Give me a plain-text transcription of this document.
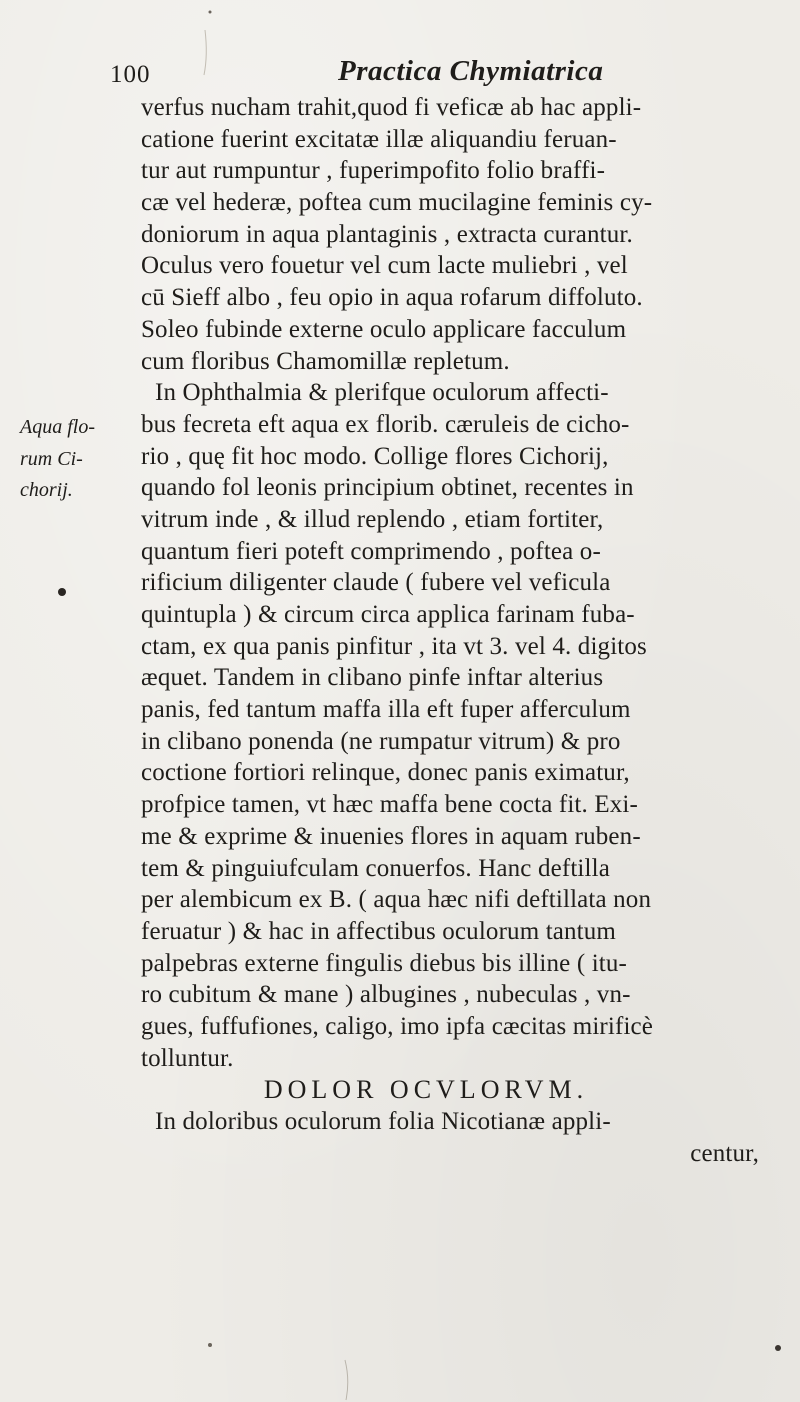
100	Practica Chymiatrica
Aqua flo-
rum Ci-
chorij.
verfus nucham trahit,quod fi veficæ ab hac appli-
catione fuerint excitatæ illæ aliquandiu feruan-
tur aut rumpuntur , fuperimpofito folio braffi-
cæ vel hederæ, poftea cum mucilagine feminis cy-
doniorum in aqua plantaginis , extracta curantur.
Oculus vero fouetur vel cum lacte muliebri , vel
cū Sieff albo , feu opio in aqua rofarum diffoluto.
Soleo fubinde externe oculo applicare facculum
cum floribus Chamomillæ repletum.
In Ophthalmia & plerifque oculorum affecti-
bus fecreta eft aqua ex florib. cæruleis de cicho-
rio , quę fit hoc modo. Collige flores Cichorij,
quando fol leonis principium obtinet, recentes in
vitrum inde , & illud replendo , etiam fortiter,
quantum fieri poteft comprimendo , poftea o-
rificium diligenter claude ( fubere vel veficula
quintupla ) & circum circa applica farinam fuba-
ctam, ex qua panis pinfitur , ita vt 3. vel 4. digitos
æquet. Tandem in clibano pinfe inftar alterius
panis, fed tantum maffa illa eft fuper afferculum
in clibano ponenda (ne rumpatur vitrum) & pro
coctione fortiori relinque, donec panis eximatur,
profpice tamen, vt hæc maffa bene cocta fit. Exi-
me & exprime & inuenies flores in aquam ruben-
tem & pinguiufculam conuerfos. Hanc deftilla
per alembicum ex B. ( aqua hæc nifi deftillata non
feruatur ) & hac in affectibus oculorum tantum
palpebras externe fingulis diebus bis illine ( itu-
ro cubitum & mane ) albugines , nubeculas , vn-
gues, fuffufiones, caligo, imo ipfa cæcitas mirificè
tolluntur.
DOLOR OCVLORVM.
In doloribus oculorum folia Nicotianæ appli-
centur,
